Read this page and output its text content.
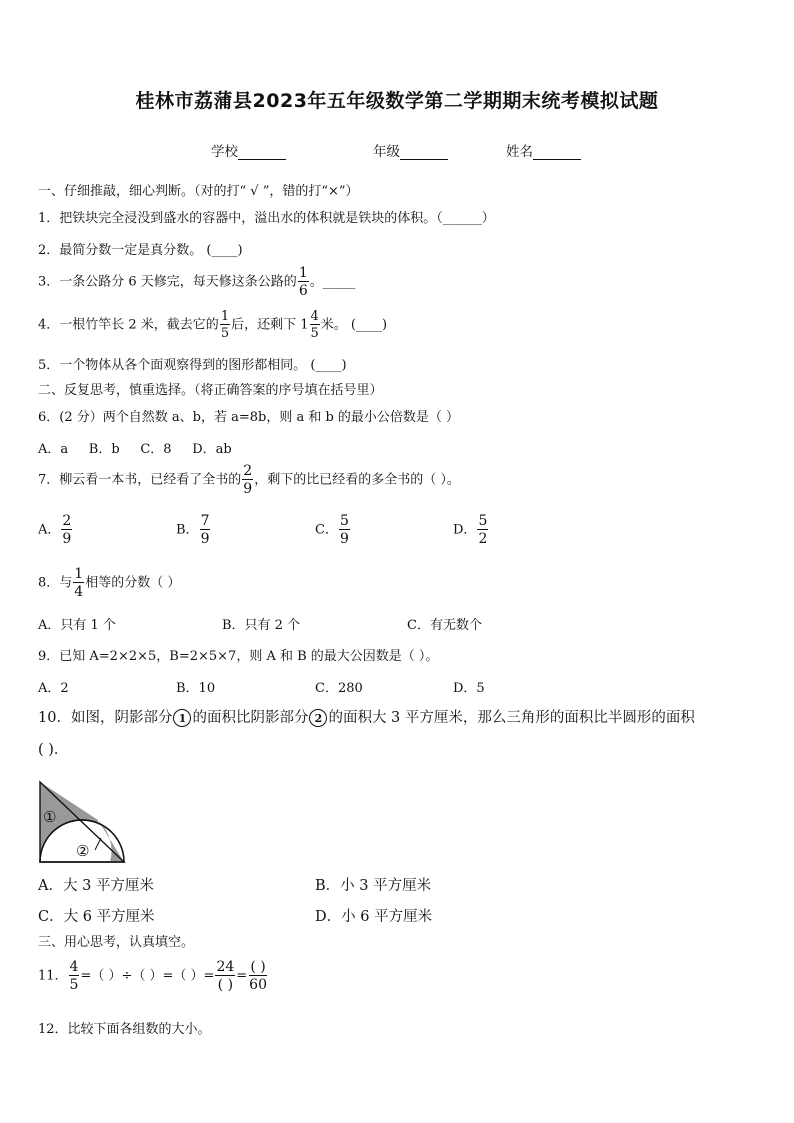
桂林市荔蒲县2023年五年级数学第二学期期末统考模拟试题
学校	年级	姓名
一、仔细推敲，细心判断。（对的打“ √ ”，错的打“×”）
1．把铁块完全浸没到盛水的容器中，溢出水的体积就是铁块的体积。（______）
2．最简分数一定是真分数。 (____)
3．一条公路分 6 天修完，每天修这条公路的 $\frac{1}{6}$ 。_____
4．一根竹竿长 2 米，截去它的 $\frac{1}{5}$ 后，还剩下 $1 \frac{4}{5}$ 米。 (____)
5．一个物体从各个面观察得到的图形都相同。 (____)
二、反复思考，慎重选择。（将正确答案的序号填在括号里）
6．(2 分）两个自然数 a、b，若 a=8b，则 a 和 b 的最小公倍数是（ ）
A．a     B．b     C．8     D．ab
7．柳云看一本书，已经看了全书的 $\frac{2}{9}$ ，剩下的比已经看的多全书的（ ）。
A． $\frac{2}{9}$	B． $\frac{7}{9}$	C． $\frac{5}{9}$	D． $\frac{5}{2}$
8．与 $\frac{1}{4}$ 相等的分数（ ）
A．只有 1 个	B．只有 2 个	C．有无数个
9．已知 A=2×2×5，B=2×5×7，则 A 和 B 的最大公因数是（ ）。
A．2	B．10	C．280	D．5
10．如图，阴影部分 1 的面积比阴影部分 2 的面积大 3 平方厘米，那么三角形的面积比半圆形的面积
( )．
①
②
A．大 3 平方厘米	B．小 3 平方厘米
C．大 6 平方厘米	D．小 6 平方厘米
三、用心思考，认真填空。
11． $\frac{4}{5}$ =（ ）÷（ ）=（ ）= $\frac{24}{( )} = \frac{( )}{60}$
12．比较下面各组数的大小。
